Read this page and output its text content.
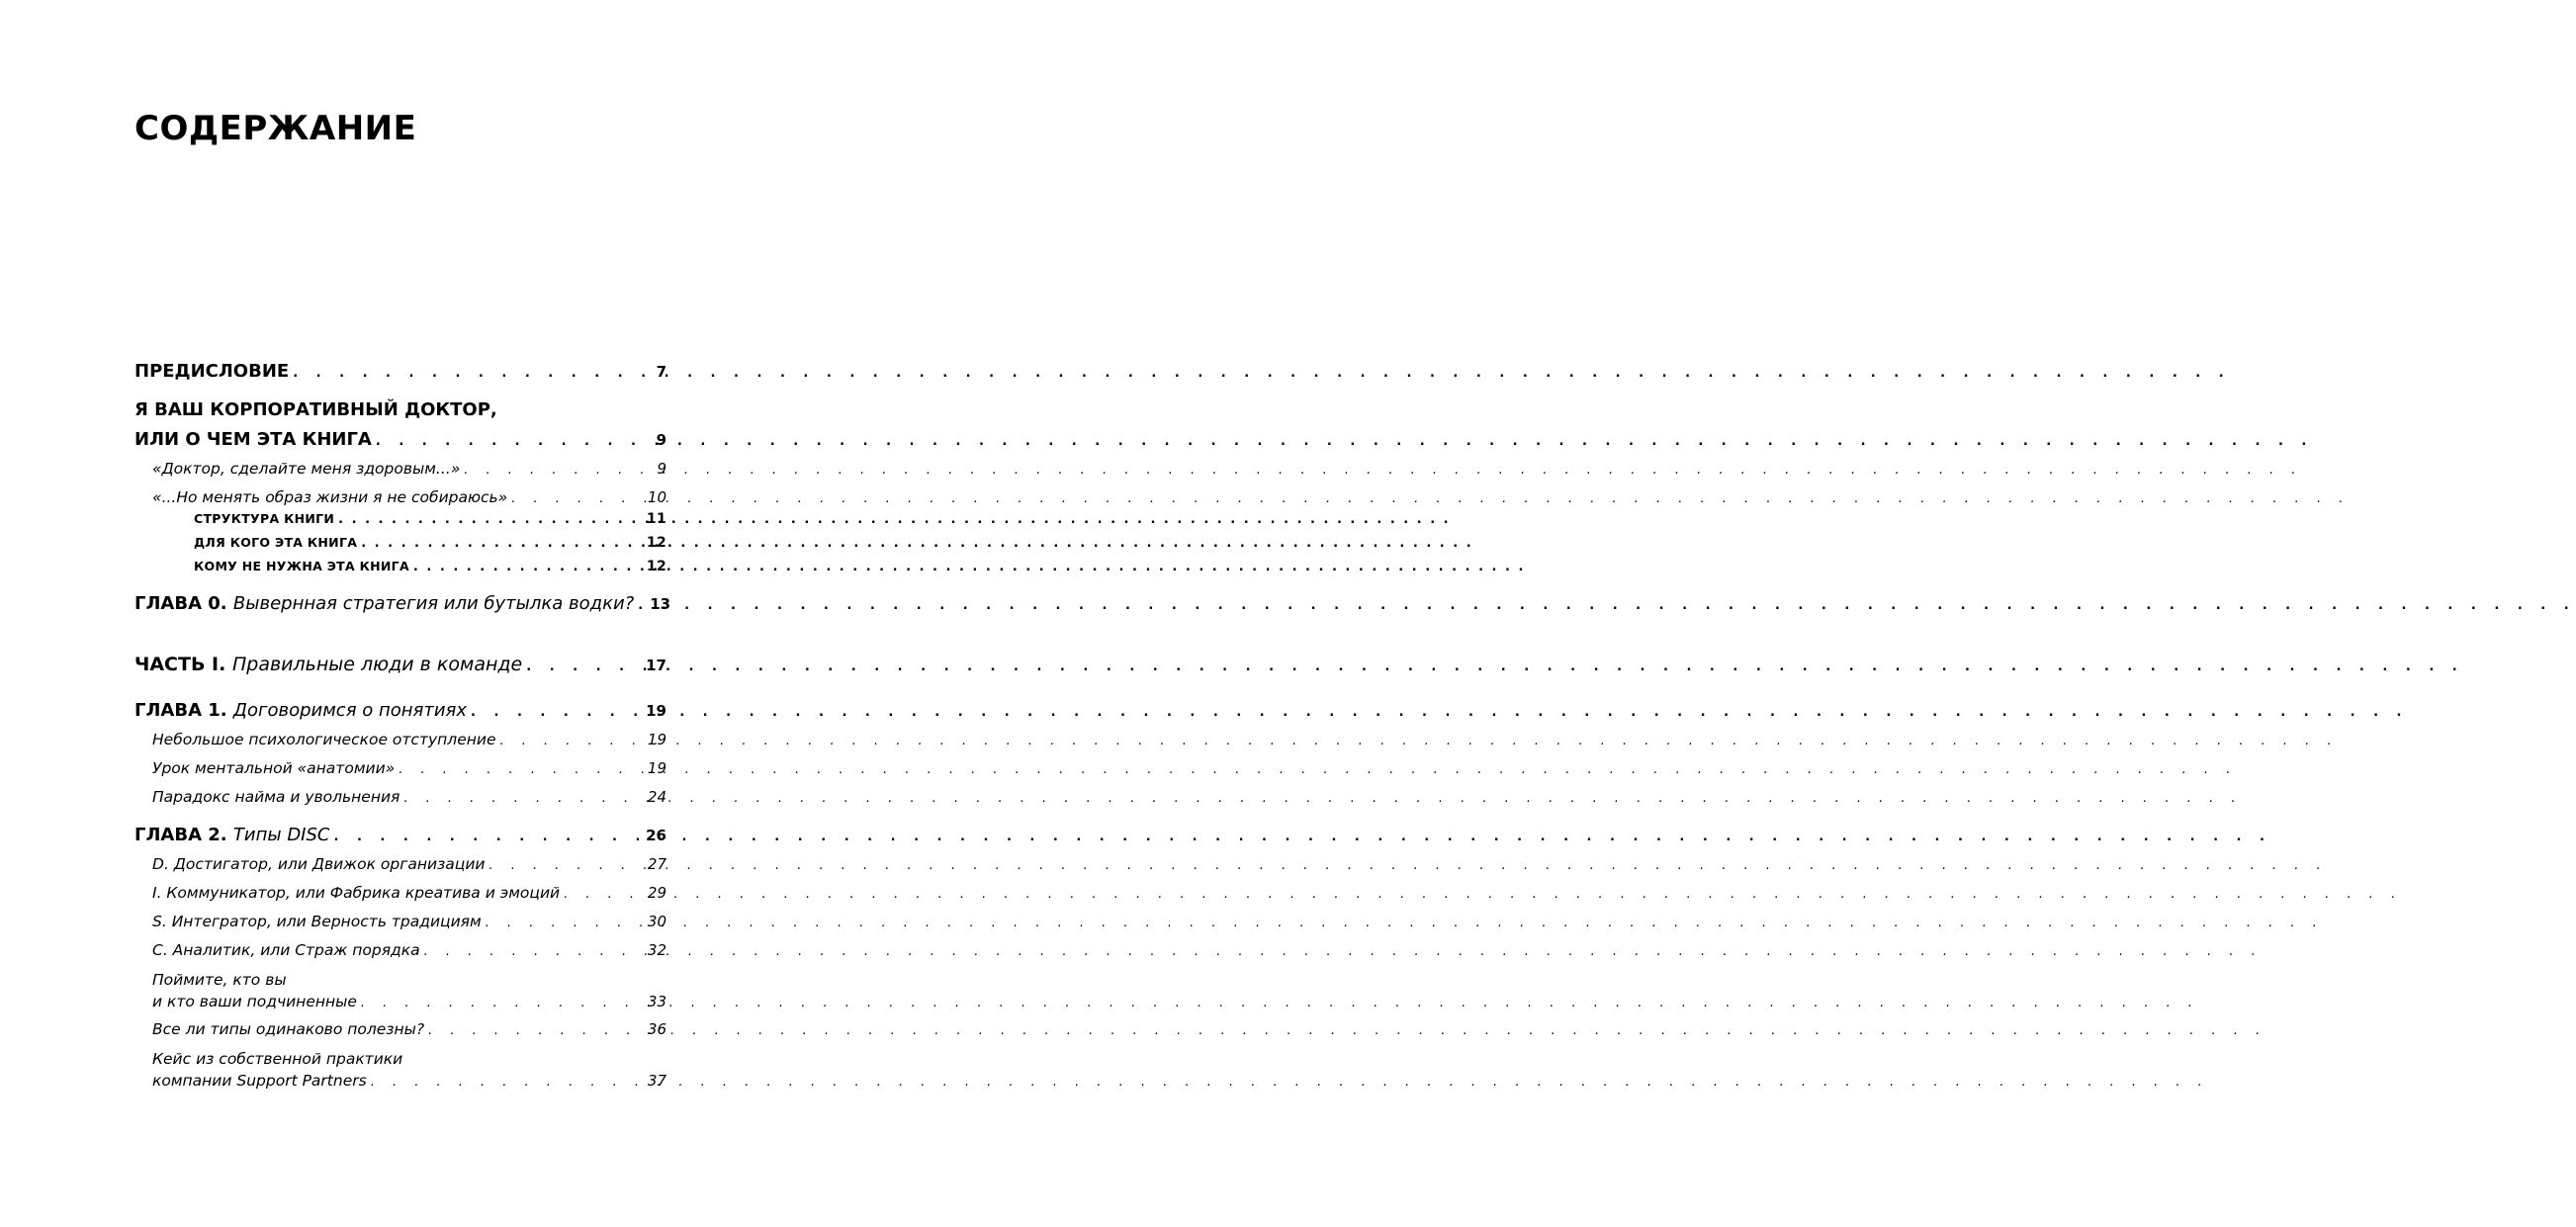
СОДЕРЖАНИЕ
ПРЕДИСЛОВИЕ . . .	7
Я ВАШ КОРПОРАТИВНЫЙ ДОКТОР,
ИЛИ О ЧЕМ ЭТА КНИГА . . .	9
«Доктор, сделайте меня здоровым...» . . .	9
«...Но менять образ жизни я не собираюсь» . . .	10
СТРУКТУРА КНИГИ . . .	11
ДЛЯ КОГО ЭТА КНИГА . . .	12
КОМУ НЕ НУЖНА ЭТА КНИГА . . .	12
ГЛАВА 0. Вывернная стратегия или бутылка водки? . . . 13
ЧАСТЬ I. Правильные люди в команде . . .	17
ГЛАВА 1. Договоримся о понятиях . . .	19
Небольшое психологическое отступление . . .	19
Урок ментальной «анатомии» . . .	19
Парадокс найма и увольнения . . .	24
ГЛАВА 2. Типы DISC . . .	26
D. Достигатор, или Движок организации . . .	27
I. Коммуникатор, или Фабрика креатива и эмоций . . .	29
S. Интегратор, или Верность традициям . . .	30
C. Аналитик, или Страж порядка . . .	32
Поймите, кто вы
и кто ваши подчиненные . . .	33
Все ли типы одинаково полезны? . . .	36
Кейс из собственной практики
компании Support Partners . . .	37
